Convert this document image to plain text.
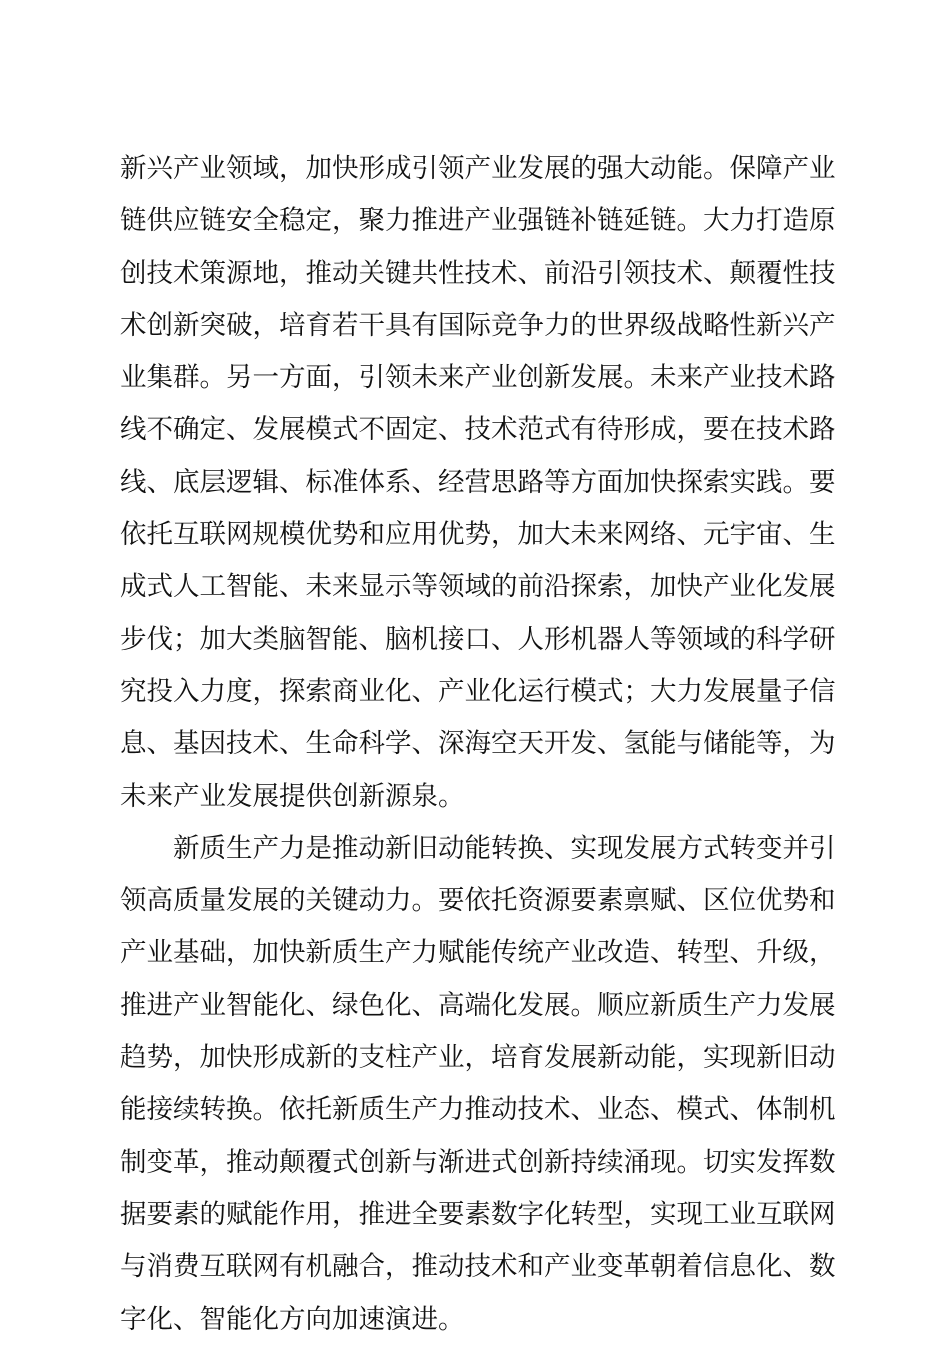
新兴产业领域，加快形成引领产业发展的强大动能。保障产业
链供应链安全稳定，聚力推进产业强链补链延链。大力打造原
创技术策源地，推动关键共性技术、前沿引领技术、颠覆性技
术创新突破，培育若干具有国际竞争力的世界级战略性新兴产
业集群。另一方面，引领未来产业创新发展。未来产业技术路
线不确定、发展模式不固定、技术范式有待形成，要在技术路
线、底层逻辑、标准体系、经营思路等方面加快探索实践。要
依托互联网规模优势和应用优势，加大未来网络、元宇宙、生
成式人工智能、未来显示等领域的前沿探索，加快产业化发展
步伐；加大类脑智能、脑机接口、人形机器人等领域的科学研
究投入力度，探索商业化、产业化运行模式；大力发展量子信
息、基因技术、生命科学、深海空天开发、氢能与储能等，为
未来产业发展提供创新源泉。
新质生产力是推动新旧动能转换、实现发展方式转变并引
领高质量发展的关键动力。要依托资源要素禀赋、区位优势和
产业基础，加快新质生产力赋能传统产业改造、转型、升级，
推进产业智能化、绿色化、高端化发展。顺应新质生产力发展
趋势，加快形成新的支柱产业，培育发展新动能，实现新旧动
能接续转换。依托新质生产力推动技术、业态、模式、体制机
制变革，推动颠覆式创新与渐进式创新持续涌现。切实发挥数
据要素的赋能作用，推进全要素数字化转型，实现工业互联网
与消费互联网有机融合，推动技术和产业变革朝着信息化、数
字化、智能化方向加速演进。
